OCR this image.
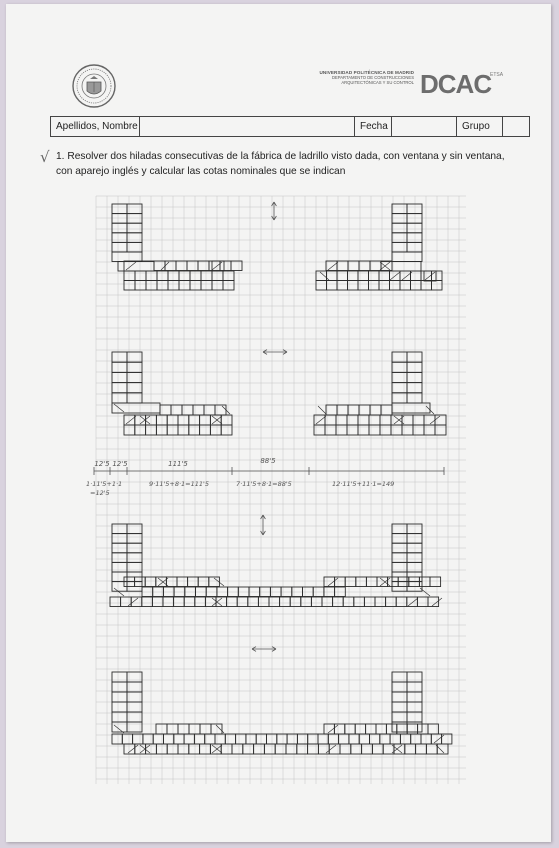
UNIVERSIDAD POLITÉCNICA DE MADRID
DEPARTAMENTO DE CONSTRUCCIONES
ARQUITECTÓNICAS Y SU CONTROL DCAC
ETSA
Apellidos, Nombre	Fecha	Grupo
√ 1. Resolver dos hiladas consecutivas de la fábrica de ladrillo visto dada, con ventana y sin ventana, con aparejo inglés y calcular las cotas nominales que se indican
12'5 12'5	111'5	88'5
1·11'5+1·1
=12'5
9·11'5+8·1=111'5	7·11'5+8·1=88'5	12·11'5+11·1=149
